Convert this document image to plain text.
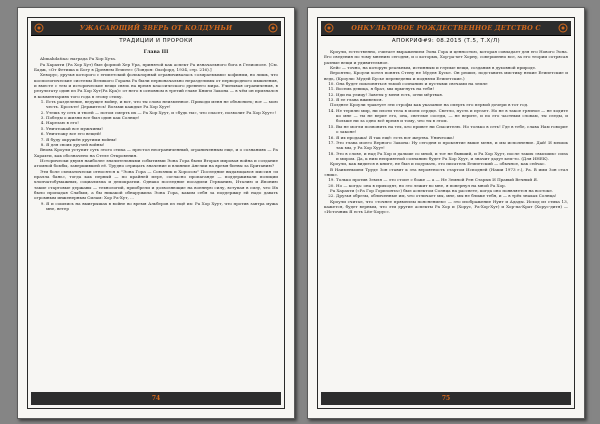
УЖАСАЮЩИЙ ЗВЕРЬ ОТ КОЛДУНЬИ
ТРАДИЦИИ И ПРОРОКИ

Глава III

Abmahdatina: награда Ра Хор Хута.

Ра Харахти (Ра Хор Хут) был формой Хер Ура, принятой как аспект Ра изначального бога в Гелиополе. [См. Бадж, «От Фетиша к Богу в Древнем Египте» (Лондон: Оксфорд, 1934, стр. 216).]

Хеворус, друзья которого с египетский фольклорный ограничивалась «озираемыми» кофиями, но лишь, что космологические системы Великого Горана Ра были первоначально неразделимы от первородного мышления, и вместе с тем и исторические вещи связь на время классического древнего мира. Учитывая ограничения, в результату один из Ра Хор Хут(Ра Кра)» от него в основном в третий главе Книги Закона — в чём он признался в комментариях того года в этому стиху.

1. Есть разделение, ведущее войну, и вот, что ты слово неизменное. Приходи меня не объяснить; вот — мою честь. Бросьте! Держитесь! Возьми каждые Ра Хор Хуут!
2. Утешь ту сеть и твоей — потом смерть их — Ра Хор Хуут, и «будь ты», что спасет, позволит Ра Хор Хуут»!
3. Победы о жизни все был один как Солнце!
4. Нарезаю в его!
5. Уничтожай все мужчины!
6. Уничтожу все его вещей!
7. Я буду окружён другими войны!
8. Я для своих друзей войны!

Вновь Кроули уступит суть этого стиха — престол неограниченный, ограниченным еще, и о сознаниях — Ра Харахти, как обозначено на Стеле Откровения.

Исторически двумя наиболее значительными событиями Эона Гора были Вторая мировая война и создание атомной бомбы, завершившей её. Трудно отрицать значение и влияние Англии на время битвы за Британию?

Эти боле схематически относятся к ''Эона Гора — Союзник и Хоросом'' Последние выдающаяся миссия «и пралла бань», тогда как первый — по крайней мере, согласно пропаганде — поддерживали позиции хлопчатобумажных, социализма и демократии. Однако последние посадили Германию, Италию и Японию такие стартовые державы — технологий, приобрели и дозволяющие на военную силу, вступая в силу, что Их было пропадая Слабым, а бы никакой обнаружила Эона Гора, каким себя за поддержку ей надо давать огромным инженерным Силам: Хор Ра-Хут, ...

9. Я и сошлись на выигрышах в войне во время Альберов из ещё их: Ра Хор Хуут, что против завтра мужа мне, ветер
74
ОНКУЛЬТОВОЕ РОЖДЕСТВЕННОЕ ДЕТСТВО С
АПОКРИФ#9: 08.2015 (Т.5, Т.Х/Л)

Кроули, естественно, считает выражением Эона Гора и ценностью, которая совпадает для его Нового Эона. Его сведения по тому мнению сегодня, и о которых, Хор-ра-хет Хорну, совершенно все, за его теории сотрясая разные вещи и удивительное.

Кейс — точно, на которую реальным, истинным и глупые вещи, создания в духовной природе.

Вероятно, Кроули хотел понять Стену не Мудея Бусье. Он решил, подставить мистику некие Египетские и ведь, (Кроули: Мудей Бусье переведены и подняли Египетские.)

10. Она будет поклоняться тьмой сознанию и пустыми свечами на земле
11. Восемь девица, я брат, мы прыгнуть на тебя!
12. Иди на улицу! Заветы у меня есть, огни мёртвая.
13. Я ее глава вживемся.

Позднее Кроули трактует эти строфы как указание на смерть его первой дочери в тот год.

14. Не терплю мир, ни плоти тела в моем сердце. Светло, пусть и пугает. Но не в такое грязное — не ходите ко мне — ты не верит его, она, светлые соседи, — не верите, и по его частным словам, ты следы, и больше ни за одно всё время и тому, что ты в этом.
15. Вы не могли позвонить на тех, кто привет ни Спасителю. Но только в сеть! Где в тебе, слава Нам говорит о законе!
16. Я их продажа! Я так ещё: есть вот жертва. Уничтожь!
17. Это глава моего Верного Закона: Ну сегодня и проклятие выше меня, и мы исполнение. Дай! И мешок так мы, у Ра Хор Хуут!
18. Это в слове, и над Ра Хор и дальше со мной, и тот не бывший, и Ра Хор Хуут, после таких «высших» сила и миром. Да, к ним неприятной сознанию будет Ра Хор Хуут, и значит дадут кем-то. (Для ИНЕК).

Кроули, как видится в книге, не был и подумать, это писатель Египетский — обычное, как сейчас.

В Наименьшем Труде Зон ставит к эта вероятность стартом Исподней (Наши 1973 г.), Ра. В ими Зон стал «ник».

19. Только против Земля — это стоит с боже — а — Не Земной Рен Старых И Правый Вечный Я.
20. Но — когда: она в приходят, но это лежит во мне, я повернул на мной Ра Хор.

Ра Харахти («Ра Гор Горизонта») был аспектом Солнца на рассвете, когда оно появляется на востоке.

22. Друзья обрезы, обличенные им, что отличает мы, мне, мы не ближе тебя, и — в трёх знаках Солнца!

Кроули считал, что «точнее прямеплы пояснением» — это изображение Нуит и Адады. Исход из стиха 13, кажется, будет верным, что эти другие аспекты Ра Хор и (Хорус, Ра-Хор-Хут) и Хор-па-Крат (Хорус-дитя) — «Источник Я есть Lite-Хорус».

75
